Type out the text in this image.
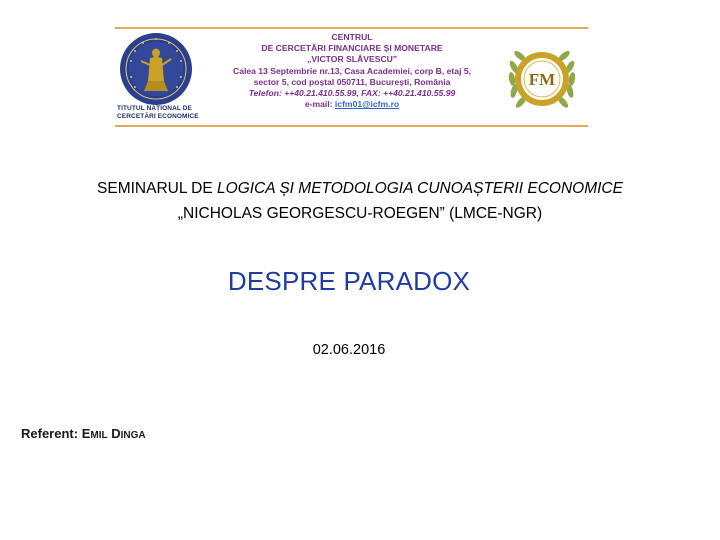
TITUTUL NAȚIONAL DE
CERCETĂRI ECONOMICE
CENTRUL
DE CERCETĂRI FINANCIARE ȘI MONETARE
„VICTOR SLĂVESCU"
Calea 13 Septembrie nr.13, Casa Academiei, corp B, etaj 5,
sector 5, cod poștal 050711, București, România
Telefon: ++40.21.410.55.99, FAX: ++40.21.410.55.99
e-mail: icfm01@icfm.ro
FM
SEMINARUL DE LOGICA ȘI METODOLOGIA CUNOAȘTERII ECONOMICE
„NICHOLAS GEORGESCU-ROEGEN” (LMCE-NGR)
DESPRE PARADOX
02.06.2016
Referent: EMIL DINGA
